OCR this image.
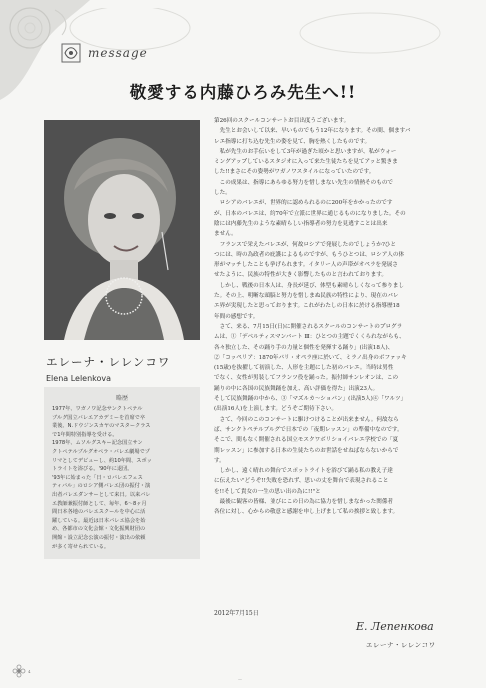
message
敬愛する内藤ひろみ先生へ!!
エレーナ・レレンコワ
Elena Lelenkova
略歴
1977年、ワガノワ記念サンクトペテル
ブルグ国立バレエアカデミーを首席で卒
業後、N.ドウジンスカヤのマスタークラス
で1年間特別指導を受ける。
1978年、ムソルグスキー記念国立サン
クトペテルブルグオペラ・バレエ劇場でプ
リマとしてデビューし、約10年間、スポッ
トライトを浴びる。'90年に退団。
'93年に始まった「日・ロバレエフェス
ティバル」のロシア側バレエ団の振付・演
出者バレエダンサーとして来日。以来バレ
エ教師兼振付師として、毎年、6～8ヶ月
間日本各地のバレエスクールを中心に活
躍している。最近は日本バレエ協会を始
め、各都市の文化会館・文化振興財団の
開館・設立記念公演の振付・演出の依頼
が多く寄せられている。

第26回のスクールコンサートお目出度うございます。

　先生とお会いして以来、早いものでもう12年になります。その間、個ますバ

レエ指導に打ち込む先生の姿を見て、胸を熱くしたものです。

　私が先生のお手伝いをして3年が過ぎた頃かと思いますが、私がウォー

ミングアップしているスタジオに入って来た生徒たちを見てアッと驚きま

した!!まさにその姿勢がワガノワスタイルになっていたのです。

　この成果は、指導にあらゆる努力を惜しまない先生の情熱そのもので

した。

　ロシアのバレエが、世界的に認められるのに200年をかかったのです

が、日本のバレエは、約70年で立派に世界に通じるものになりました。その

陰には内藤先生のような素晴らしい指導者の努力を見逃すことは出来

ません。

　フランスで栄えたバレエが、何故ロシアで発展したのでしょうか?ひと

つには、時の為政者の庇護によるものですが、もうひとつは、ロシア人の体

形がマッチしたことも挙げられます。イタリー人の声帯がオペラを発展さ

せたように、民族の特性が大きく影響したものと言われております。

　しかし、戦後の日本人は、身長が延び、体型も素晴らしくなって参りまし

た。その上、明晰な頭脳と努力を惜しまぬ民族の特性により、現在のバレ

エ界が実現したと思っております。これがわたしの日本に於ける指導歴18

年間の感想です。

　さて、来る、7月15日(日)に開催されるスクールのコンサートのプログラ

ムは、①「デベルティスマンバート Ⅲ：ひとつの主題でくくられながらも、

各々独立した、その踊り手の力量と個性を発揮する踊り」(出演18人)、

②「コッペリア：1870年パリ・オペラ座に於いて、ミラノ出身のボファッキ

(15歳)を抜擢して初演した、人形を主題にした初のバレエ。当時は男性

でなく、女性が男装してフランツ役を踊った。振付師サンレオンは、この

踊りの中に各国の民族舞踊を加え、高い評価を得た」出演23人。

そして民族舞踊の中から、③「マズルカ～ショパン」(出演5人)④「ワルツ」

(出演16人)を上演します。どうぞご期待下さい。

　さて、今回のこのコンサートに駆けつけることが出来ません。何故なら

ば、サンクトペテルブルグで日本での「夜期レッスン」の準備中なのです。

そこで、間もなく開催される国立モスクワボリショイバレエ学校での「夏

期レッスン」に参加する日本の生徒たちのお世話をせねばならないからで

す。

　しかし、遠く晴れの舞台でスポットライトを浴びて踊る私の教え子達

に伝えたい"どうぞ!!失敗を恐れず、思いの丈を舞台で表現されること

を!!そして貴女の一生の思い出の為に!!"と

　最後に観客の皆様、並びにこの日の為に協力を惜しまなかった関係者

各位に対し、心からの敬意と感謝を申し上げまして私の挨拶と致します。

2012年7月15日
E. Лепенкова
エレーナ・レレンコワ
4
—
